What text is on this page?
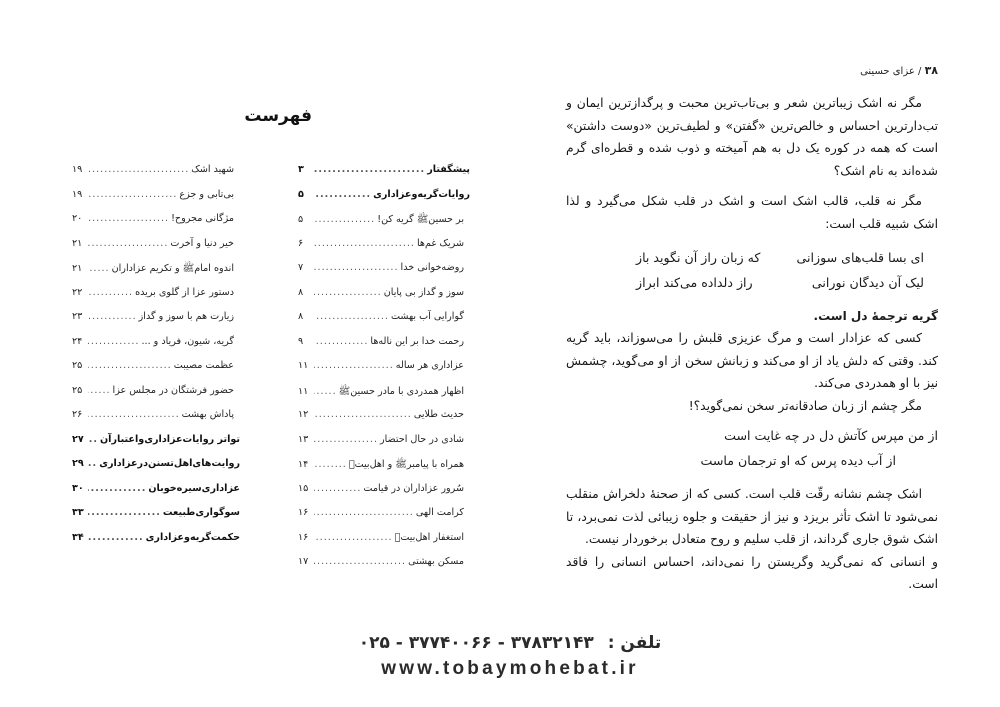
فهرست
پیشگفتار
.....
۳
روایات‌گریه‌وعزاداری
.....
۵
بر حسینﷺ گریه کن!
.....
۵
شریک غم‌ها
.....
۶
روضه‌خوانی خدا
.....
۷
سوز و گداز بی پایان
.....
۸
گوارایی آب بهشت
.....
۸
رحمت خدا بر این ناله‌ها
.....
۹
عزاداری هر ساله
.....
۱۱
اظهار همدردی با مادر حسینﷺ
.....
۱۱
حدیث طلایی
.....
۱۲
شادی در حال احتضار
.....
۱۳
همراه با پیامبرﷺ و اهل‌بیت﷩
.....
۱۴
سُرور عزاداران در قیامت
.....
۱۵
کرامت الهی
.....
۱۶
استغفار اهل‌بیت﷩
.....
۱۶
مسکن بهشتی
.....
۱۷
شهید اشک
.....
۱۹
بی‌تابی و جزع
.....
۱۹
مژگانی مجروح!
.....
۲۰
خیر دنیا و آخرت
.....
۲۱
اندوه امامﷺ و تکریم عزاداران
.....
۲۱
دستور عزا از گلوی بریده
.....
۲۲
زیارت هم با سوز و گداز
.....
۲۳
گریه، شیون، فریاد و ...
.....
۲۴
عظمت مصیبت
.....
۲۵
حضور فرشتگان در مجلس عزا
.....
۲۵
پاداش بهشت
.....
۲۶
تواتر روایات‌عزاداری‌واعتبارآن
.....
۲۷
روایت‌های‌اهل‌تسنن‌درعزاداری
.....
۲۹
عزاداری‌سیره‌خوبان
.....
۳۰
سوگواری‌طبیعت
.....
۳۳
حکمت‌گریه‌وعزاداری
.....
۳۴
۳۸ / عزای حسینی

مگر نه اشک زیباترین شعر و بی‌تاب‌ترین محبت و پرگدازترین ایمان و تب‌دارترین احساس و خالص‌ترین «گفتن» و لطیف‌ترین «دوست داشتن» است که همه در کوره یک دل به هم آمیخته و ذوب شده و قطره‌ای گرم شده‌اند به نام اشک؟

مگر نه قلب، قالب اشک است و اشک در قلب شکل می‌گیرد و لذا اشک شبیه قلب است:

ای بسا قلب‌های سوزانی
که زبان راز آن نگوید باز
لیک آن دیدگان نورانی
راز دلداده می‌کند ابراز
گریه ترجمهٔ دل است.

کسی که عزادار است و مرگ عزیزی قلبش را می‌سوزاند، باید گریه کند. وقتی که دلش یاد از او می‌کند و زبانش سخن از او می‌گوید، چشمش نیز با او همدردی می‌کند.

مگر چشم از زبان صادقانه‌تر سخن نمی‌گوید؟!

از من مپرس کآتش دل در چه غایت است
از آب دیده پرس که او ترجمان ماست

اشک چشم نشانه رقّت قلب است. کسی که از صحنهٔ دلخراش منقلب نمی‌شود تا اشک تأثر بریزد و نیز از حقیقت و جلوه زیبائی لذت نمی‌برد، تا اشک شوق جاری گرداند، از قلب سلیم و روح متعادل برخوردار نیست.

و انسانی که نمی‌گرید وگریستن را نمی‌داند، احساس انسانی را فاقد است.

تلفن :۳۷۸۳۲۱۴۳ - ۳۷۷۴۰۰۶۶ - ۰۲۵
www.tobaymohebat.ir
